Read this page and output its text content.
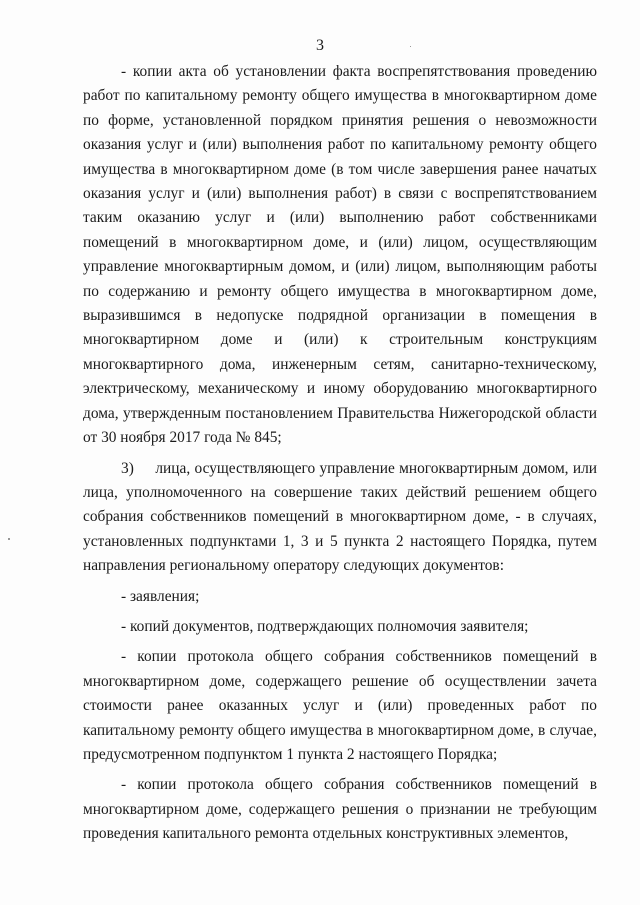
3

- копии акта об установлении факта воспрепятствования проведению работ по капитальному ремонту общего имущества в многоквартирном доме по форме, установленной порядком принятия решения о невозможности оказания услуг и (или) выполнения работ по капитальному ремонту общего имущества в многоквартирном доме (в том числе завершения ранее начатых оказания услуг и (или) выполнения работ) в связи с воспрепятствованием таким оказанию услуг и (или) выполнению работ собственниками помещений в многоквартирном доме, и (или) лицом, осуществляющим управление многоквартирным домом, и (или) лицом, выполняющим работы по содержанию и ремонту общего имущества в многоквартирном доме, выразившимся в недопуске подрядной организации в помещения в многоквартирном доме и (или) к строительным конструкциям многоквартирного дома, инженерным сетям, санитарно-техническому, электрическому, механическому и иному оборудованию многоквартирного дома, утвержденным постановлением Правительства Нижегородской области от 30 ноября 2017 года № 845;

3)     лица, осуществляющего управление многоквартирным домом, или лица, уполномоченного на совершение таких действий решением общего собрания собственников помещений в многоквартирном доме, - в случаях, установленных подпунктами 1, 3 и 5 пункта 2 настоящего Порядка, путем направления региональному оператору следующих документов:

- заявления;

- копий документов, подтверждающих полномочия заявителя;

- копии протокола общего собрания собственников помещений в многоквартирном доме, содержащего решение об осуществлении зачета стоимости ранее оказанных услуг и (или) проведенных работ по капитальному ремонту общего имущества в многоквартирном доме, в случае, предусмотренном подпунктом 1 пункта 2 настоящего Порядка;

- копии протокола общего собрания собственников помещений в многоквартирном доме, содержащего решения о признании не требующим проведения капитального ремонта отдельных конструктивных элементов,
